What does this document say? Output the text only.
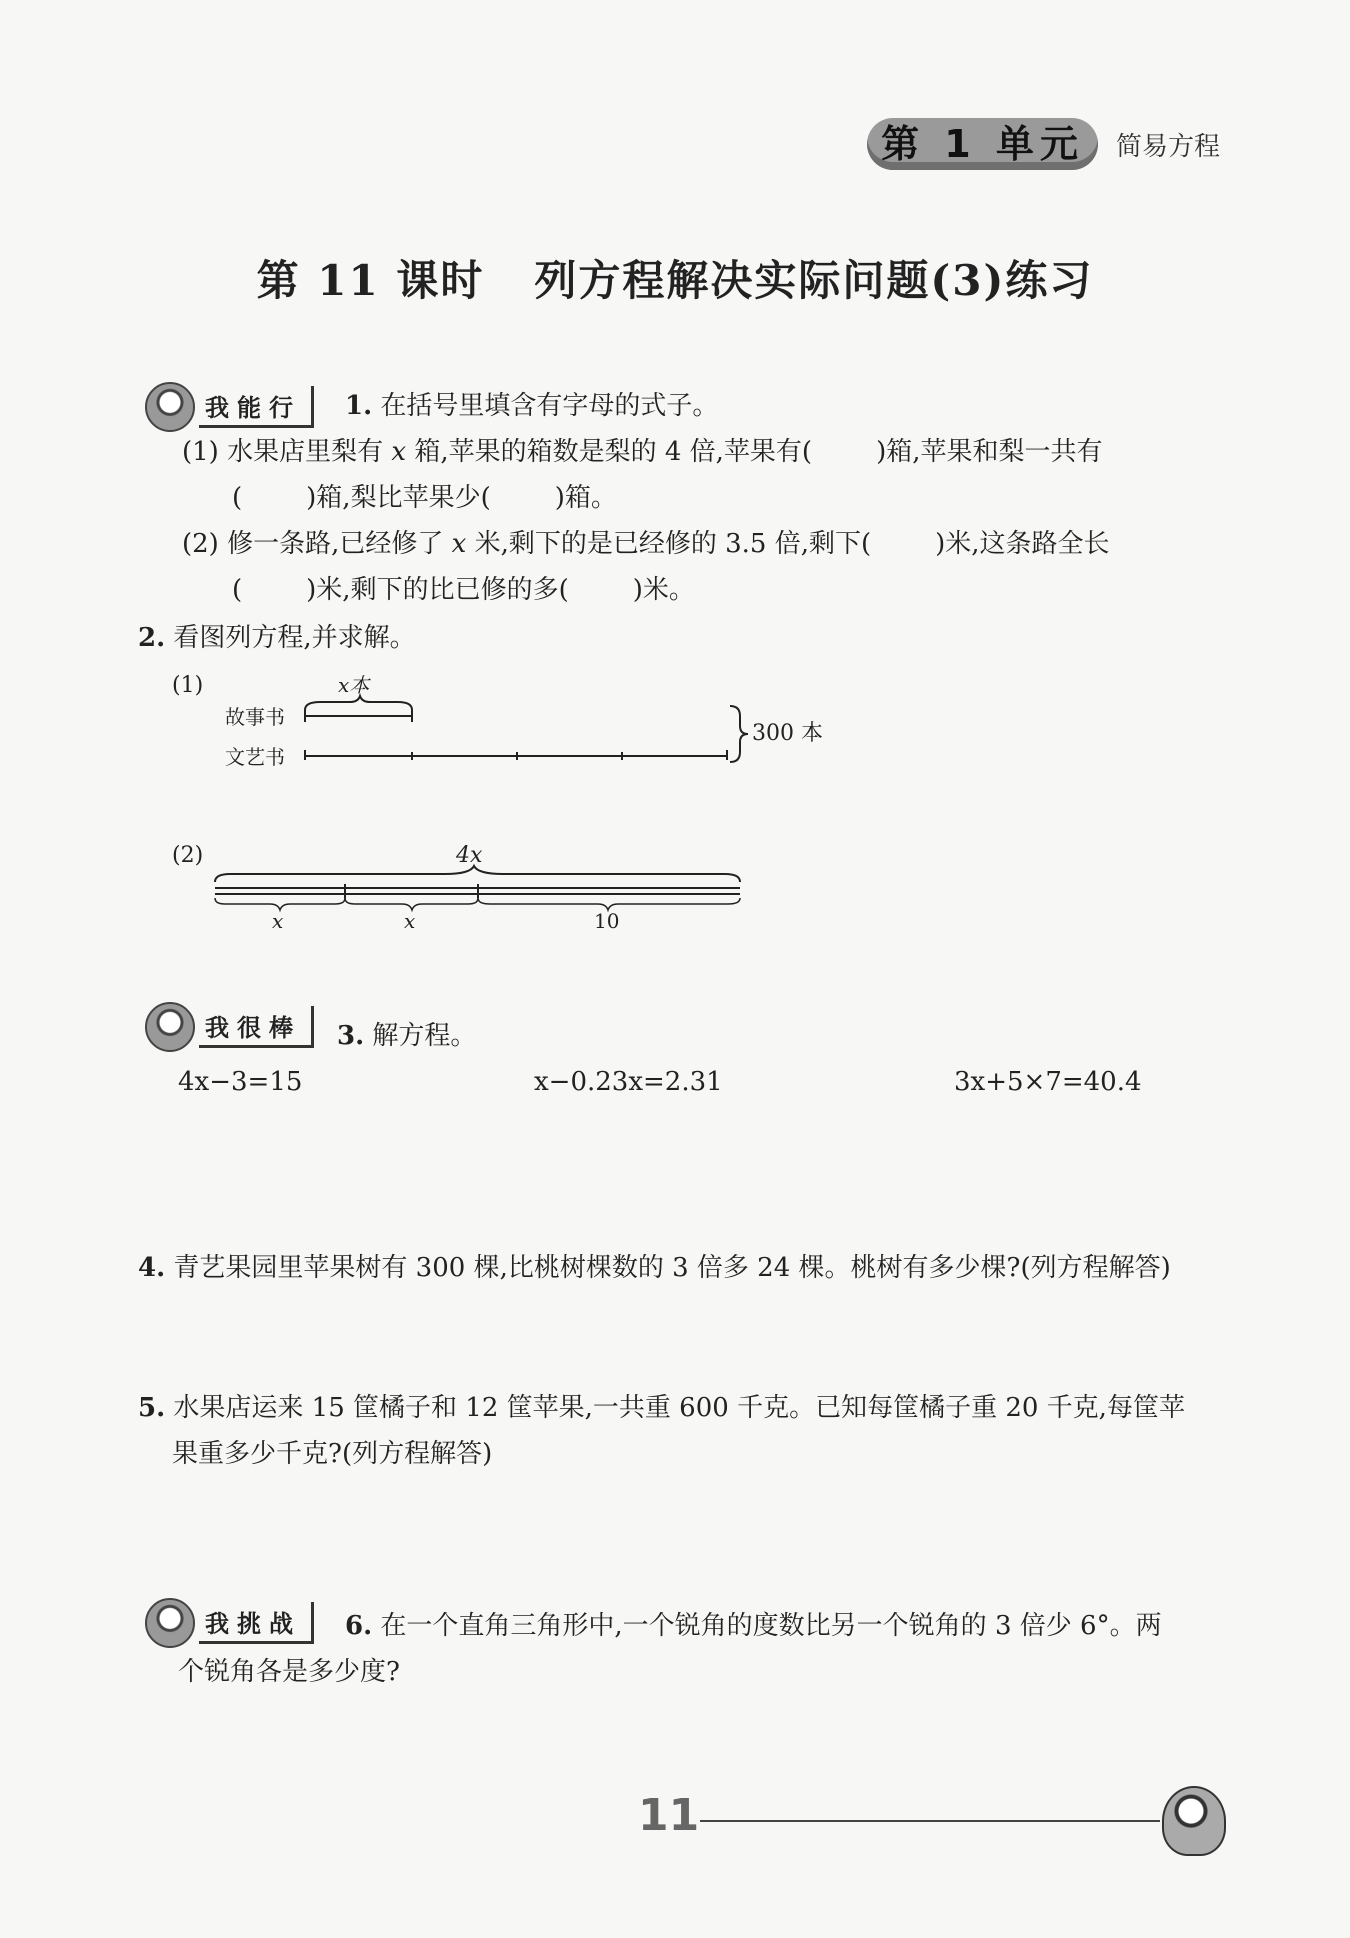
第 1 单元	简易方程
第 11 课时 列方程解决实际问题(3)练习
我能行	1. 在括号里填含有字母的式子。
(1) 水果店里梨有 x 箱,苹果的箱数是梨的 4 倍,苹果有( )箱,苹果和梨一共有
( )箱,梨比苹果少( )箱。
(2) 修一条路,已经修了 x 米,剩下的是已经修的 3.5 倍,剩下( )米,这条路全长
( )米,剩下的比已修的多( )米。
2. 看图列方程,并求解。
(1)	x本
故事书
文艺书
300 本
(2)	4x
x	x	10
我很棒	3. 解方程。
4x−3=15	x−0.23x=2.31	3x+5×7=40.4
4. 青艺果园里苹果树有 300 棵,比桃树棵数的 3 倍多 24 棵。桃树有多少棵?(列方程解答)
5. 水果店运来 15 筐橘子和 12 筐苹果,一共重 600 千克。已知每筐橘子重 20 千克,每筐苹
果重多少千克?(列方程解答)
我挑战	6. 在一个直角三角形中,一个锐角的度数比另一个锐角的 3 倍少 6°。两
个锐角各是多少度?
11
